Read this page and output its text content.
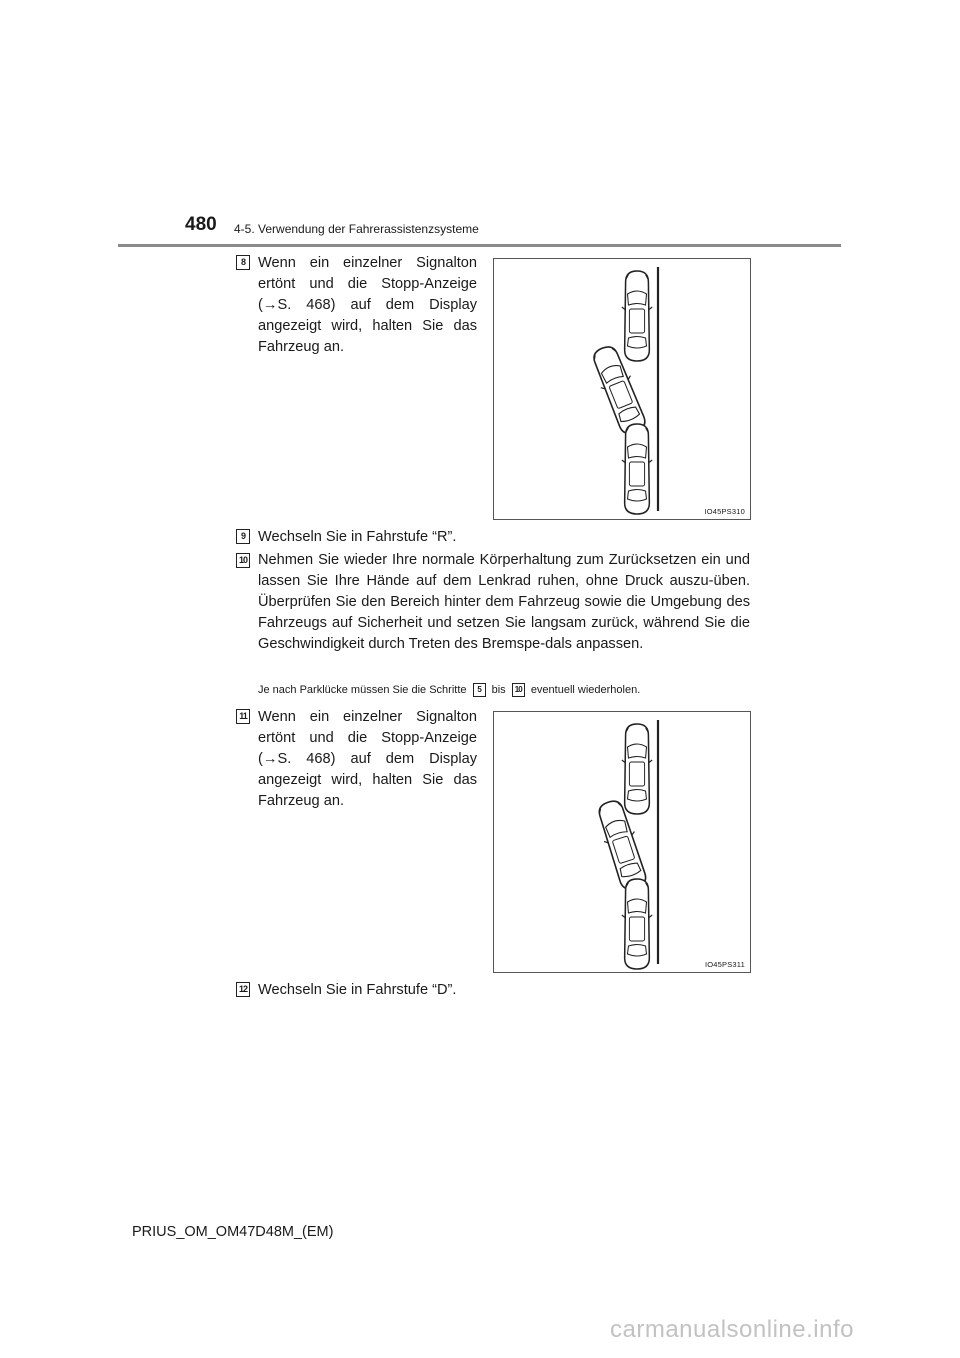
480 4-5. Verwendung der Fahrerassistenzsysteme
8 Wenn ein einzelner Signalton ertönt und die Stopp-Anzeige (→S. 468) auf dem Display angezeigt wird, halten Sie das Fahrzeug an.
IO45PS310
9 Wechseln Sie in Fahrstufe “R”.
10 Nehmen Sie wieder Ihre normale Körperhaltung zum Zurücksetzen ein und lassen Sie Ihre Hände auf dem Lenkrad ruhen, ohne Druck auszu-üben. Überprüfen Sie den Bereich hinter dem Fahrzeug sowie die Umgebung des Fahrzeugs auf Sicherheit und setzen Sie langsam zurück, während Sie die Geschwindigkeit durch Treten des Bremspe-dals anpassen.
Je nach Parklücke müssen Sie die Schritte 5 bis 10 eventuell wiederholen.
11 Wenn ein einzelner Signalton ertönt und die Stopp-Anzeige (→S. 468) auf dem Display angezeigt wird, halten Sie das Fahrzeug an.
IO45PS311
12 Wechseln Sie in Fahrstufe “D”.
PRIUS_OM_OM47D48M_(EM)
carmanualsonline.info
